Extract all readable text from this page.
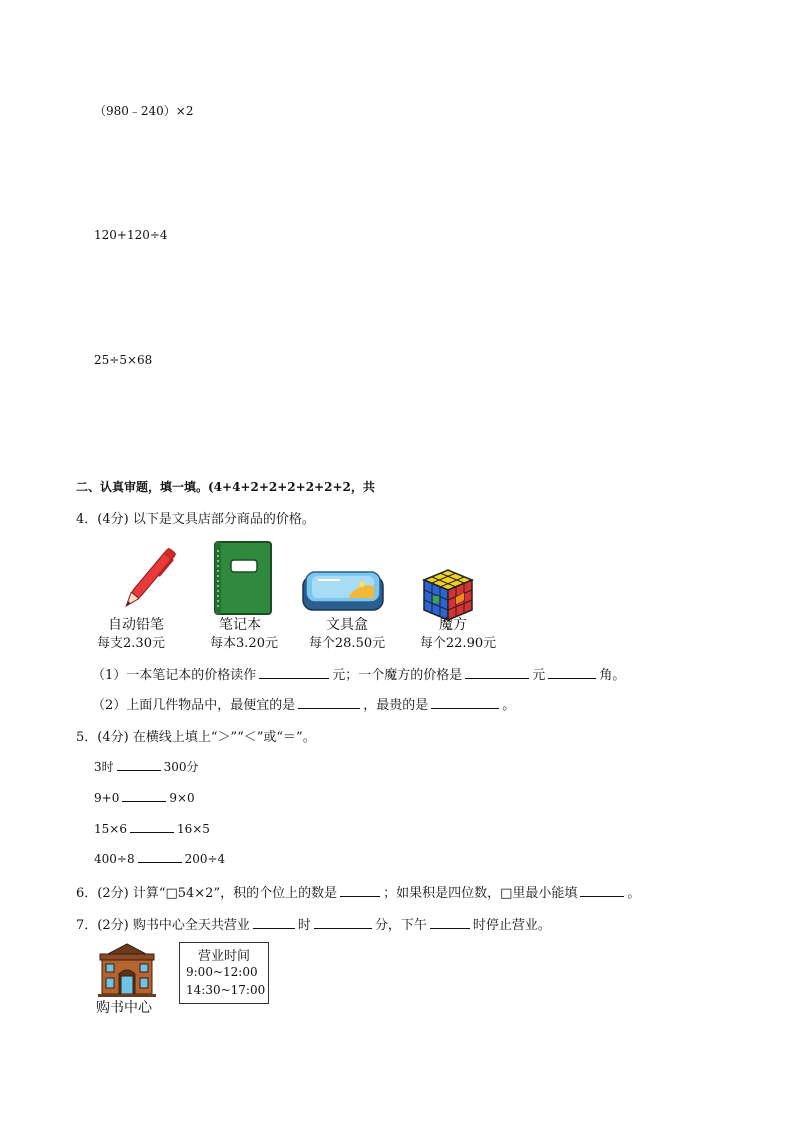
（980﹣240）×2
120+120÷4
25÷5×68
二、认真审题，填一填。(4+4+2+2+2+2+2+2，共
4．(4分) 以下是文具店部分商品的价格。
自动铅笔
每支2.30元
笔记本
每本3.20元
文具盒
每个28.50元
魔方
每个22.90元
（1）一本笔记本的价格读作	元；一个魔方的价格是	元	角。
（2）上面几件物品中，最便宜的是	，最贵的是	。
5．(4分) 在横线上填上“＞”“＜”或“＝”。
3时	300分
9+0	9×0
15×6	16×5
400÷8	200÷4
6．(2分) 计算“□54×2”，积的个位上的数是	；如果积是四位数，□里最小能填	。
7．(2分) 购书中心全天共营业	时	分，下午	时停止营业。
购书中心
营业时间
9:00~12:00
14:30~17:00
